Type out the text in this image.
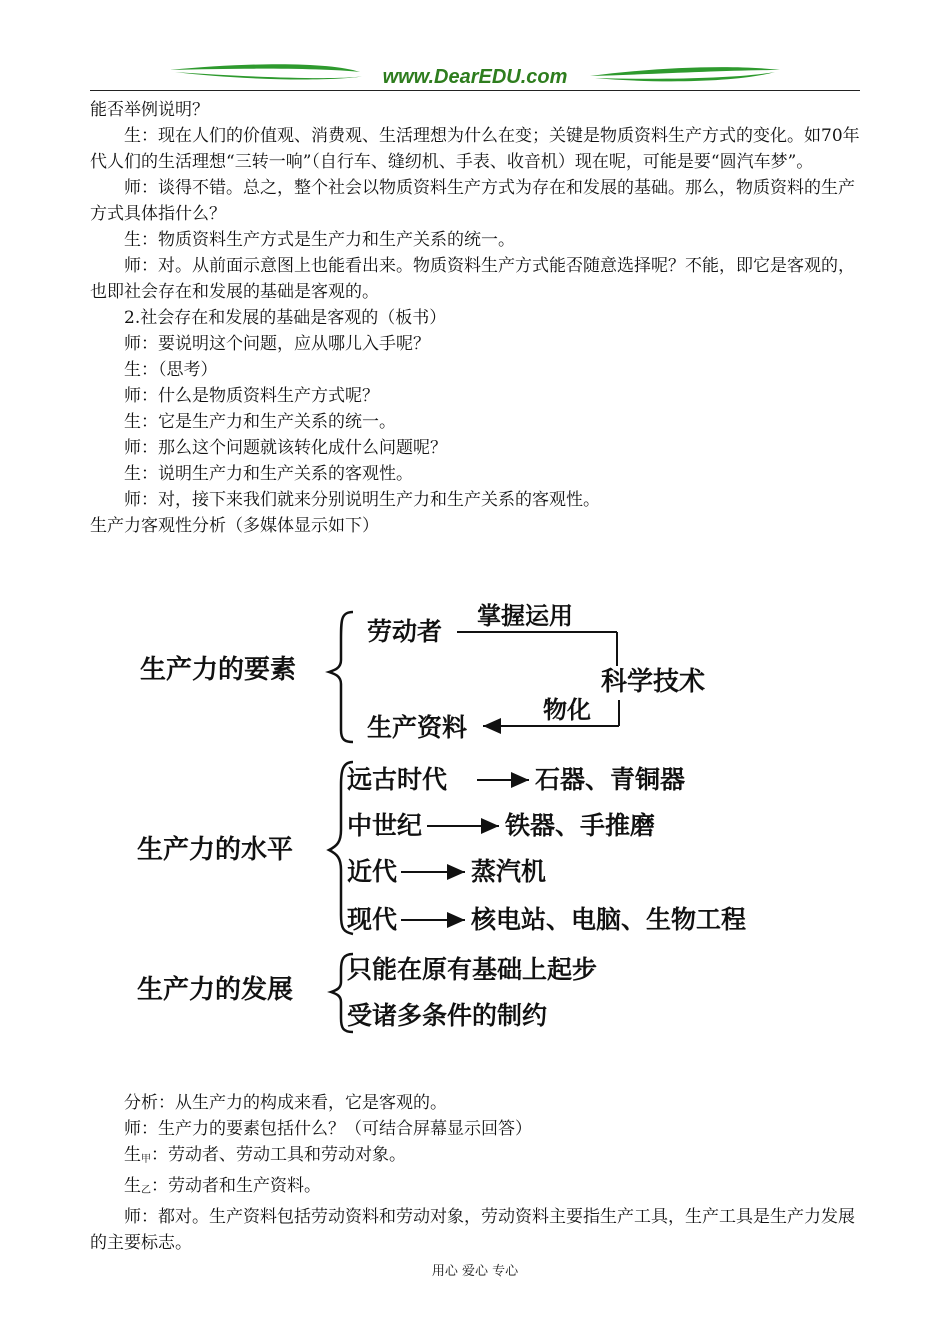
www.DearEDU.com

能否举例说明？

生：现在人们的价值观、消费观、生活理想为什么在变；关键是物质资料生产方式的变化。如70年代人们的生活理想“三转一响”（自行车、缝纫机、手表、收音机）现在呢，可能是要“圆汽车梦”。

师：谈得不错。总之，整个社会以物质资料生产方式为存在和发展的基础。那么，物质资料的生产方式具体指什么？

生：物质资料生产方式是生产力和生产关系的统一。

师：对。从前面示意图上也能看出来。物质资料生产方式能否随意选择呢？不能，即它是客观的，也即社会存在和发展的基础是客观的。

2.社会存在和发展的基础是客观的（板书）

师：要说明这个问题，应从哪儿入手呢？

生：（思考）

师：什么是物质资料生产方式呢？

生：它是生产力和生产关系的统一。

师：那么这个问题就该转化成什么问题呢？

生：说明生产力和生产关系的客观性。

师：对，接下来我们就来分别说明生产力和生产关系的客观性。

生产力客观性分析（多媒体显示如下）

生产力的要素
劳动者
掌握运用
科学技术
物化
生产资料
生产力的水平
远古时代	石器、青铜器
中世纪	铁器、手推磨
近代	蒸汽机
现代	核电站、电脑、生物工程
生产力的发展
只能在原有基础上起步
受诸多条件的制约

分析：从生产力的构成来看，它是客观的。

师：生产力的要素包括什么？（可结合屏幕显示回答）

生$_甲$：劳动者、劳动工具和劳动对象。

生$_乙$：劳动者和生产资料。

师：都对。生产资料包括劳动资料和劳动对象，劳动资料主要指生产工具，生产工具是生产力发展的主要标志。

用心 爱心 专心
